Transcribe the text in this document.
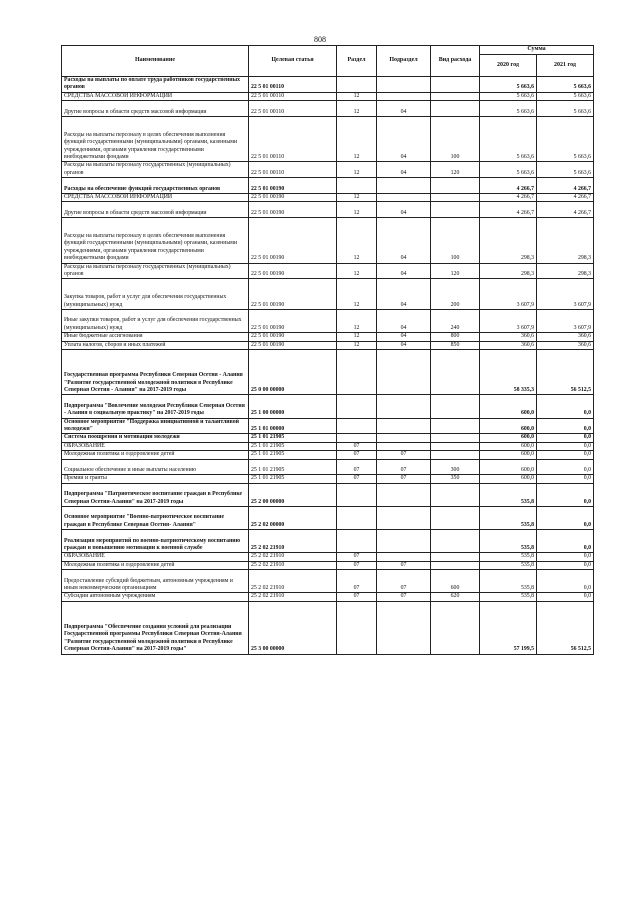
808
Наименование	Целевая статья	Раздел	Подраздел	Вид расхода	Сумма	
					2020 год	2021 год
Расходы на выплаты по оплате труда работников государственных органов	22 5 01 00110				5 663,6	5 663,6
СРЕДСТВА МАССОВОЙ ИНФОРМАЦИИ	22 5 01 00110	12			5 663,6	5 663,6
Другие вопросы в области средств массовой информации	22 5 01 00110	12	04		5 663,6	5 663,6
Расходы на выплаты персоналу в целях обеспечения выполнения функций государственными (муниципальными) органами, казенными учреждениями, органами управления государственными внебюджетными фондами	22 5 01 00110	12	04	100	5 663,6	5 663,6
Расходы на выплаты персоналу государственных (муниципальных) органов	22 5 01 00110	12	04	120	5 663,6	5 663,6
Расходы на обеспечение функций государственных органов	22 5 01 00190				4 266,7	4 266,7
СРЕДСТВА МАССОВОЙ ИНФОРМАЦИИ	22 5 01 00190	12			4 266,7	4 266,7
Другие вопросы в области средств массовой информации	22 5 01 00190	12	04		4 266,7	4 266,7
Расходы на выплаты персоналу в целях обеспечения выполнения функций государственными (муниципальными) органами, казенными учреждениями, органами управления государственными внебюджетными фондами	22 5 01 00190	12	04	100	298,3	298,3
Расходы на выплаты персоналу государственных (муниципальных) органов	22 5 01 00190	12	04	120	298,3	298,3
Закупка товаров, работ и услуг для обеспечения государственных (муниципальных) нужд	22 5 01 00190	12	04	200	3 607,9	3 607,9
Иные закупки товаров, работ и услуг для обеспечения государственных (муниципальных) нужд	22 5 01 00190	12	04	240	3 607,9	3 607,9
Иные бюджетные ассигнования	22 5 01 00190	12	04	800	360,6	360,6
Уплата налогов, сборов и иных платежей	22 5 01 00190	12	04	850	360,6	360,6
Государственная программа Республики Северная Осетия - Алания "Развитие государственной молодежной политики в Республике Северная Осетия - Алания" на 2017-2019 годы	25 0 00 00000				58 335,3	56 512,5
Подпрограмма "Вовлечение молодежи Республики Северная Осетия - Алания в социальную практику" на 2017-2019 годы	25 1 00 00000				600,0	0,0
Основное мероприятие "Поддержка инициативной и талантливой молодежи"	25 1 01 00000				600,0	0,0
Система поощрения и мотивации молодежи	25 1 01 21905				600,0	0,0
ОБРАЗОВАНИЕ	25 1 01 21905	07			600,0	0,0
Молодежная политика и оздоровление детей	25 1 01 21905	07	07		600,0	0,0
Социальное обеспечение и иные выплаты населению	25 1 01 21905	07	07	300	600,0	0,0
Премии и гранты	25 1 01 21905	07	07	350	600,0	0,0
Подпрограмма "Патриотическое воспитание граждан в Республике Северная Осетия-Алания" на 2017-2019 годы	25 2 00 00000				535,8	0,0
Основное мероприятие "Военно-патриотическое воспитание граждан в Республике Северная Осетия- Алания"	25 2 02 00000				535,8	0,0
Реализация мероприятий по военно-патриотическому воспитанию граждан и повышению мотивации к военной службе	25 2 02 21910				535,8	0,0
ОБРАЗОВАНИЕ	25 2 02 21910	07			535,8	0,0
Молодежная политика и оздоровление детей	25 2 02 21910	07	07		535,8	0,0
Предоставление субсидий бюджетным, автономным учреждениям и иным некоммерческим организациям	25 2 02 21910	07	07	600	535,8	0,0
Субсидии автономным учреждениям	25 2 02 21910	07	07	620	535,8	0,0
Подпрограмма "Обеспечение создания условий для реализации Государственной программы Республики Северная Осетия-Алания "Развитие государственной молодежной политики в Республике Северная Осетия-Алания" на 2017-2019 годы"	25 3 00 00000				57 199,5	56 512,5
